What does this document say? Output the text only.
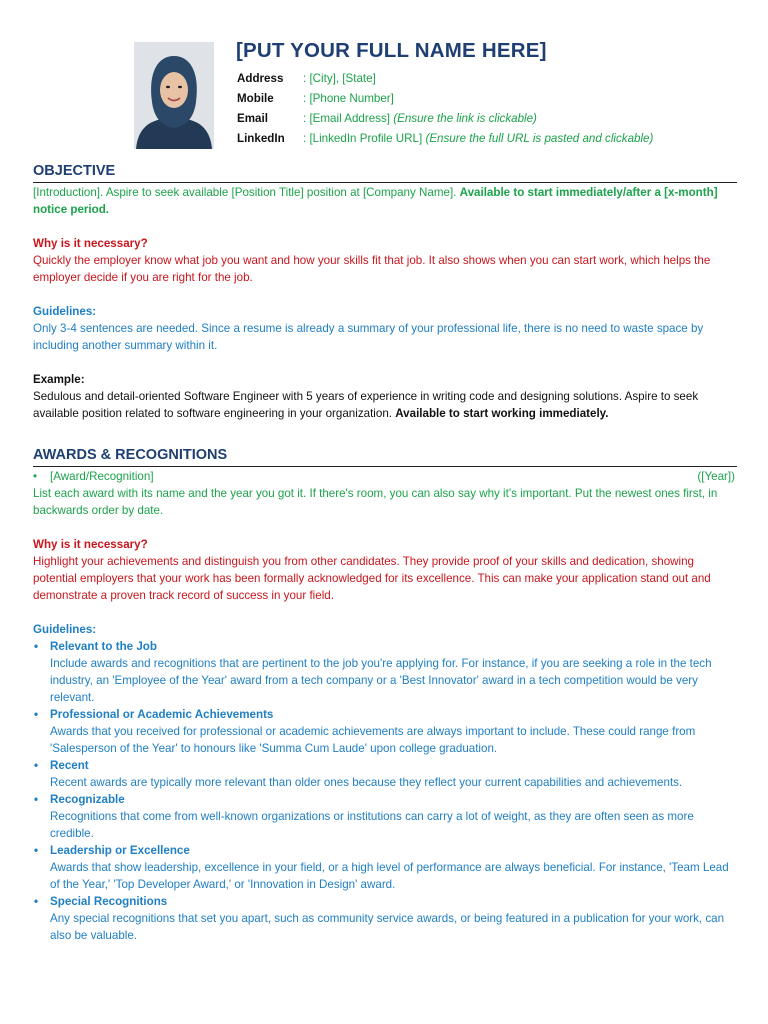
[PUT YOUR FULL NAME HERE]
Address : [City], [State]
Mobile	: [Phone Number]
Email	: [Email Address] (Ensure the link is clickable)
LinkedIn : [LinkedIn Profile URL] (Ensure the full URL is pasted and clickable)
OBJECTIVE

[Introduction]. Aspire to seek available [Position Title] position at [Company Name]. Available to start immediately/after a [x-month] notice period.

Why is it necessary?

Quickly the employer know what job you want and how your skills fit that job. It also shows when you can start work, which helps the employer decide if you are right for the job.

Guidelines:

Only 3-4 sentences are needed. Since a resume is already a summary of your professional life, there is no need to waste space by including another summary within it.

Example:

Sedulous and detail-oriented Software Engineer with 5 years of experience in writing code and designing solutions. Aspire to seek available position related to software engineering in your organization. Available to start working immediately.

AWARDS & RECOGNITIONS
• [Award/Recognition]	([Year])

List each award with its name and the year you got it. If there's room, you can also say why it's important. Put the newest ones first, in backwards order by date.

Why is it necessary?

Highlight your achievements and distinguish you from other candidates. They provide proof of your skills and dedication, showing potential employers that your work has been formally acknowledged for its excellence. This can make your application stand out and demonstrate a proven track record of success in your field.

Guidelines:

• Relevant to the Job
Include awards and recognitions that are pertinent to the job you're applying for. For instance, if you are seeking a role in the tech industry, an 'Employee of the Year' award from a tech company or a 'Best Innovator' award in a tech competition would be very relevant.
• Professional or Academic Achievements
Awards that you received for professional or academic achievements are always important to include. These could range from 'Salesperson of the Year' to honours like 'Summa Cum Laude' upon college graduation.
• Recent
Recent awards are typically more relevant than older ones because they reflect your current capabilities and achievements.
• Recognizable
Recognitions that come from well-known organizations or institutions can carry a lot of weight, as they are often seen as more credible.
• Leadership or Excellence
Awards that show leadership, excellence in your field, or a high level of performance are always beneficial. For instance, 'Team Lead of the Year,' 'Top Developer Award,' or 'Innovation in Design' award.
• Special Recognitions
Any special recognitions that set you apart, such as community service awards, or being featured in a publication for your work, can also be valuable.
